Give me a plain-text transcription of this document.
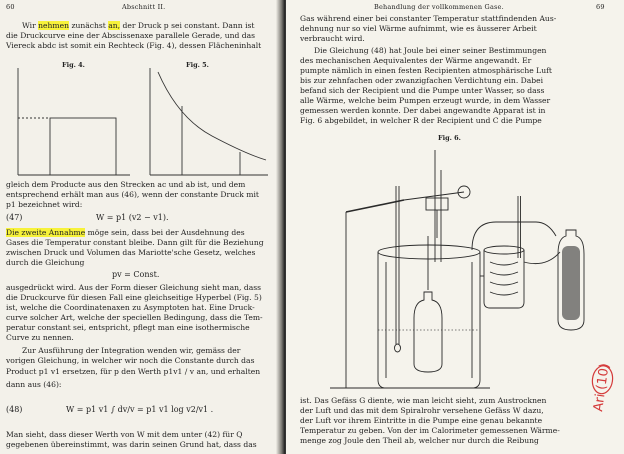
60	Abschnitt II.
Wir nehmen zunächst an, der Druck p sei constant. Dann ist
die Druckcurve eine der Abscissenaxe parallele Gerade, und das
Viereck abdc ist somit ein Rechteck (Fig. 4), dessen Flächeninhalt
Fig. 4.	Fig. 5.
gleich dem Producte aus den Strecken ac und ab ist, und dem
entsprechend erhält man aus (46), wenn der constante Druck mit
p1 bezeichnet wird:
(47)	W = p1 (v2 − v1).
Die zweite Annahme möge sein, dass bei der Ausdehnung des
Gases die Temperatur constant bleibe. Dann gilt für die Beziehung
zwischen Druck und Volumen das Mariotte'sche Gesetz, welches
durch die Gleichung
pv = Const.
ausgedrückt wird. Aus der Form dieser Gleichung sieht man, dass
die Druckcurve für diesen Fall eine gleichseitige Hyperbel (Fig. 5)
ist, welche die Coordinatenaxen zu Asymptoten hat. Eine Druck-
curve solcher Art, welche der speciellen Bedingung, dass die Tem-
peratur constant sei, entspricht, pflegt man eine isothermische
Curve zu nennen.
Zur Ausführung der Integration wenden wir, gemäss der
vorigen Gleichung, in welcher wir noch die Constante durch das
Product p1 v1 ersetzen, für p den Werth p1v1 / v an, und erhalten
dann aus (46):
(48)	W = p1 v1 ∫ dv/v = p1 v1 log v2/v1 .
Man sieht, dass dieser Werth von W mit dem unter (42) für Q
gegebenen übereinstimmt, was darin seinen Grund hat, dass das
Behandlung der vollkommenen Gase.	69
Gas während einer bei constanter Temperatur stattfindenden Aus-
dehnung nur so viel Wärme aufnimmt, wie es äusserer Arbeit
verbraucht wird.
Die Gleichung (48) hat Joule bei einer seiner Bestimmungen
des mechanischen Aequivalentes der Wärme angewandt. Er
pumpte nämlich in einen festen Recipienten atmosphärische Luft
bis zur zehnfachen oder zwanzigfachen Verdichtung ein. Dabei
befand sich der Recipient und die Pumpe unter Wasser, so dass
alle Wärme, welche beim Pumpen erzeugt wurde, in dem Wasser
gemessen werden konnte. Der dabei angewandte Apparat ist in
Fig. 6 abgebildet, in welcher R der Recipient und C die Pumpe
Fig. 6.
ist. Das Gefäss G diente, wie man leicht sieht, zum Austrocknen
der Luft und das mit dem Spiralrohr versehene Gefäss W dazu,
der Luft vor ihrem Eintritte in die Pumpe eine genau bekannte
Temperatur zu geben. Von der im Calorimeter gemessenen Wärme-
menge zog Joule den Theil ab, welcher nur durch die Reibung
Ari (10)
